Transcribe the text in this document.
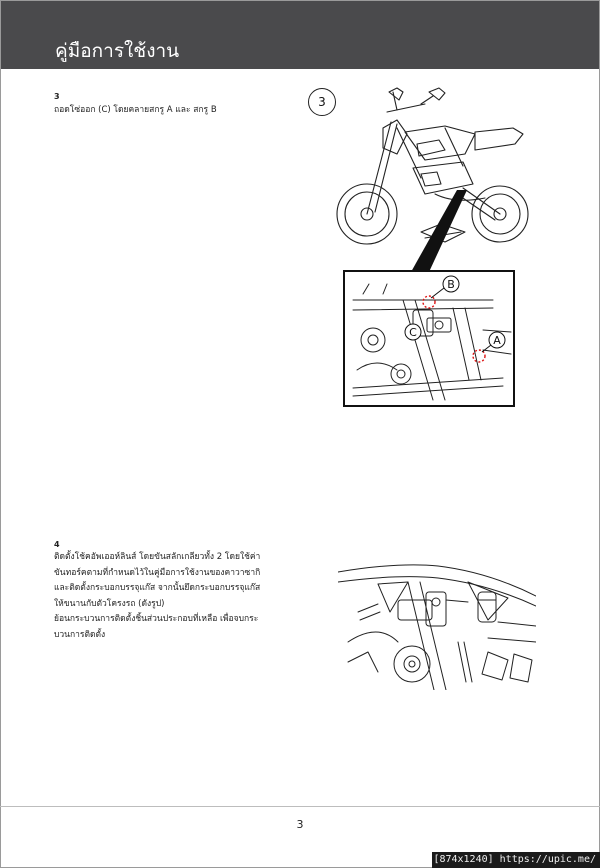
คู่มือการใช้งาน
3
ถอดโซ่ออก (C) โดยคลายสกรู A และ สกรู B
3
B
C
A
4
ติดตั้งโช้คอัพเออห์ลินส์ โดยขันสลักเกลียวทั้ง 2 โดยใช้ค่า
ขันทอร์คตามที่กำหนดไว้ในคู่มือการใช้งานของคาวาซากิ
และติดตั้งกระบอกบรรจุแก๊ส จากนั้นยึดกระบอกบรรจุแก๊ส
ให้ขนานกับตัวโครงรถ (ดังรูป)
ย้อนกระบวนการติดตั้งชิ้นส่วนประกอบที่เหลือ เพื่อจบกระ
บวนการติดตั้ง
3
[874x1240] https://upic.me/
